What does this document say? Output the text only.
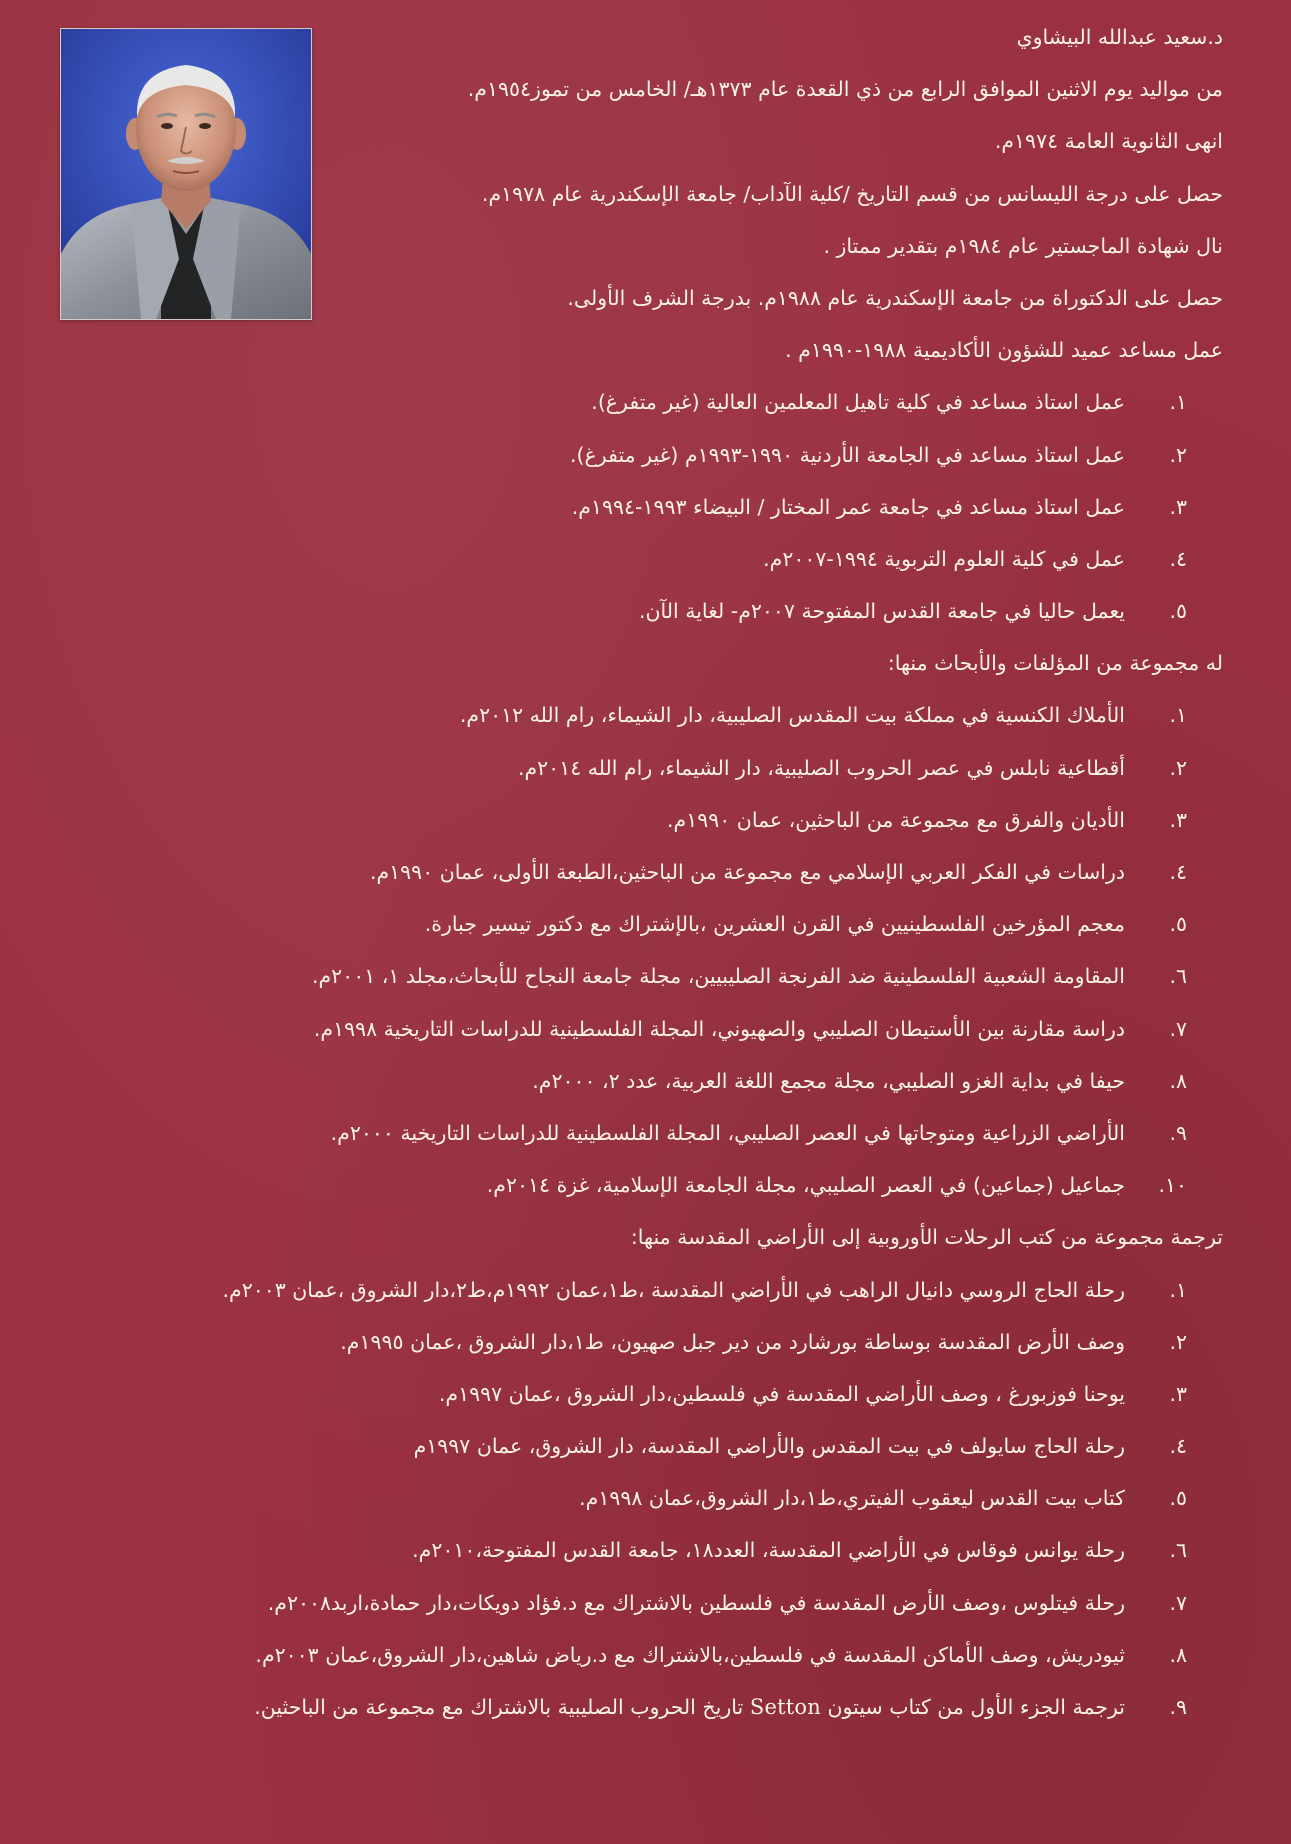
د.سعيد عبدالله البيشاوي
من مواليد يوم الاثنين الموافق الرابع من ذي القعدة عام ١٣٧٣هـ/ الخامس من تموز١٩٥٤م.
انهى الثانوية العامة ١٩٧٤م.
حصل على درجة الليسانس من قسم التاريخ /كلية الآداب/ جامعة الإسكندرية عام ١٩٧٨م.
نال شهادة الماجستير عام ١٩٨٤م بتقدير ممتاز .
حصل على الدكتوراة من جامعة الإسكندرية عام ١٩٨٨م. بدرجة الشرف الأولى.
عمل مساعد عميد للشؤون الأكاديمية ١٩٨٨-١٩٩٠م .
١.
عمل استاذ مساعد في كلية تاهيل المعلمين العالية (غير متفرغ).
٢.
عمل استاذ مساعد في الجامعة الأردنية ١٩٩٠-١٩٩٣م (غير متفرغ).
٣.
عمل استاذ مساعد في جامعة عمر المختار / البيضاء ١٩٩٣-١٩٩٤م.
٤.
عمل في كلية العلوم التربوية ١٩٩٤-٢٠٠٧م.
٥.
يعمل حاليا في جامعة القدس المفتوحة ٢٠٠٧م- لغاية الآن.
له مجموعة من المؤلفات والأبحاث منها:
١.
الأملاك الكنسية في مملكة بيت المقدس الصليبية، دار الشيماء، رام الله ٢٠١٢م.
٢.
أقطاعية نابلس في عصر الحروب الصليبية، دار الشيماء، رام الله ٢٠١٤م.
٣.
الأديان والفرق مع مجموعة من الباحثين، عمان ١٩٩٠م.
٤.
دراسات في الفكر العربي الإسلامي مع مجموعة من الباحثين،الطبعة الأولى، عمان ١٩٩٠م.
٥.
معجم المؤرخين الفلسطينيين في القرن العشرين ،بالإشتراك مع دكتور تيسير جبارة.
٦.
المقاومة الشعبية الفلسطينية ضد الفرنجة الصليبيين، مجلة جامعة النجاح للأبحاث،مجلد ١، ٢٠٠١م.
٧.
دراسة مقارنة بين الأستيطان الصليبي والصهيوني، المجلة الفلسطينية للدراسات التاريخية ١٩٩٨م.
٨.
حيفا في بداية الغزو الصليبي، مجلة مجمع اللغة العربية، عدد ٢، ٢٠٠٠م.
٩.
الأراضي الزراعية ومتوجاتها في العصر الصليبي، المجلة الفلسطينية للدراسات التاريخية ٢٠٠٠م.
١٠.
جماعيل (جماعين) في العصر الصليبي، مجلة الجامعة الإسلامية، غزة ٢٠١٤م.
ترجمة مجموعة من كتب الرحلات الأوروبية إلى الأراضي المقدسة منها:
١.
رحلة الحاج الروسي دانيال الراهب في الأراضي المقدسة ،ط١،عمان ١٩٩٢م،ط٢،دار الشروق ،عمان ٢٠٠٣م.
٢.
وصف الأرض المقدسة بوساطة بورشارد من دير جبل صهيون، ط١،دار الشروق ،عمان ١٩٩٥م.
٣.
يوحنا فوزبورغ ، وصف الأراضي المقدسة في فلسطين،دار الشروق ،عمان ١٩٩٧م.
٤.
رحلة الحاج سايولف في بيت المقدس والأراضي المقدسة، دار الشروق، عمان ١٩٩٧م
٥.
كتاب بيت القدس ليعقوب الفيتري،ط١،دار الشروق،عمان ١٩٩٨م.
٦.
رحلة يوانس فوقاس في الأراضي المقدسة، العدد١٨، جامعة القدس المفتوحة،٢٠١٠م.
٧.
رحلة فيتلوس ،وصف الأرض المقدسة في فلسطين بالاشتراك مع د.فؤاد دويكات،دار حمادة،اربد٢٠٠٨م.
٨.
ثيودريش، وصف الأماكن المقدسة في فلسطين،بالاشتراك مع د.رياض شاهين،دار الشروق،عمان ٢٠٠٣م.
٩.
ترجمة الجزء الأول من كتاب سيتون Setton تاريخ الحروب الصليبية بالاشتراك مع مجموعة من الباحثين.
